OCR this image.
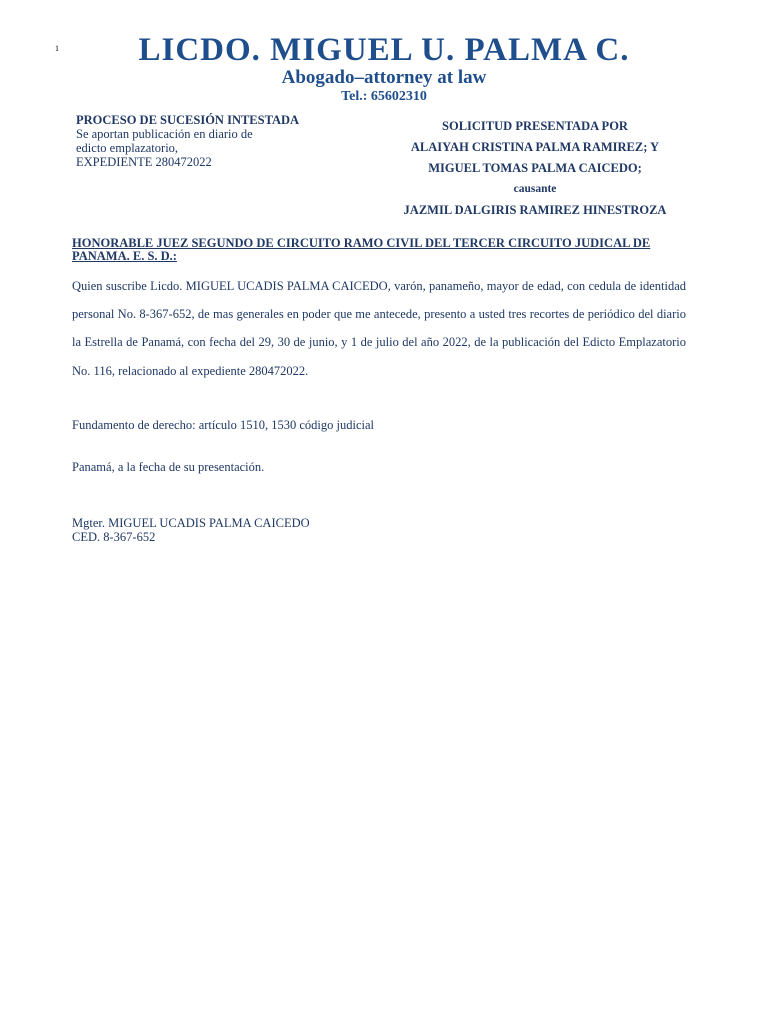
1	LICDO. MIGUEL U. PALMA C.
Abogado–attorney at law
Tel.: 65602310
PROCESO DE SUCESIÓN INTESTADA
Se aportan publicación en diario de
edicto emplazatorio,
EXPEDIENTE 280472022
SOLICITUD PRESENTADA POR
ALAIYAH CRISTINA PALMA RAMIREZ; Y
MIGUEL TOMAS PALMA CAICEDO;
causante
JAZMIL DALGIRIS RAMIREZ HINESTROZA
HONORABLE JUEZ SEGUNDO DE CIRCUITO RAMO CIVIL DEL TERCER CIRCUITO JUDICAL DE PANAMA. E. S. D.:
Quien suscribe Licdo. MIGUEL UCADIS PALMA CAICEDO, varón, panameño, mayor de edad, con cedula de identidad personal No. 8-367-652, de mas generales en poder que me antecede, presento a usted tres recortes de periódico del diario la Estrella de Panamá, con fecha del 29, 30 de junio, y 1 de julio del año 2022, de la publicación del Edicto Emplazatorio No. 116, relacionado al expediente 280472022.
Fundamento de derecho: artículo 1510, 1530 código judicial
Panamá, a la fecha de su presentación.
Mgter. MIGUEL UCADIS PALMA CAICEDO
CED. 8-367-652
